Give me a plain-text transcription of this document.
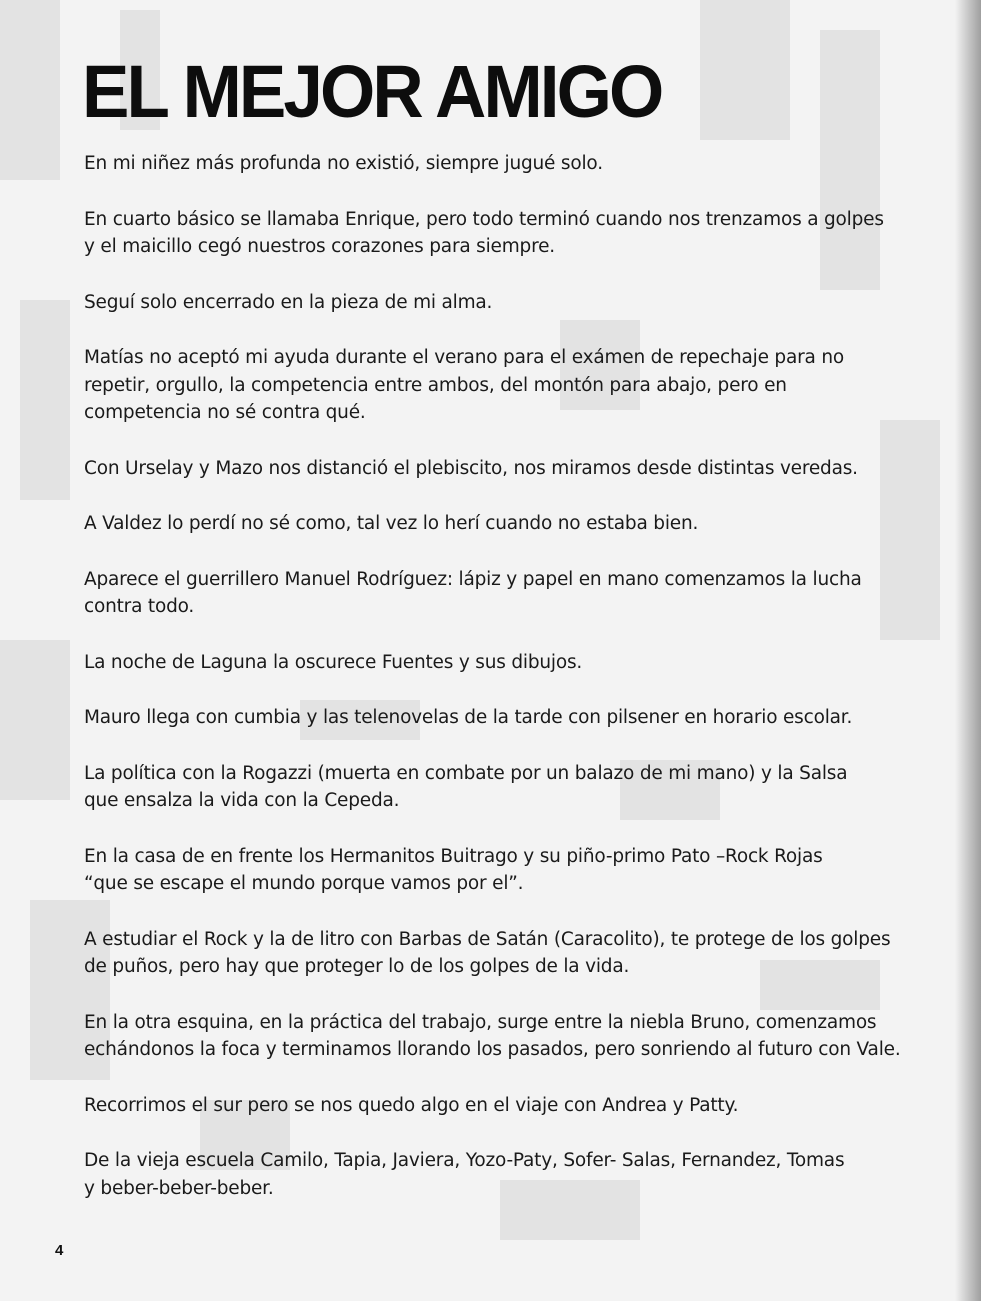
EL MEJOR AMIGO

En mi niñez más profunda no existió, siempre jugué solo.

En cuarto básico se llamaba Enrique, pero todo terminó cuando nos trenzamos a golpes
y el maicillo cegó nuestros corazones para siempre.

Seguí solo encerrado en la pieza de mi alma.

Matías no aceptó mi ayuda durante el verano para el exámen de repechaje para no
repetir, orgullo, la competencia entre ambos, del montón para abajo, pero en
competencia no sé contra qué.

Con Urselay y Mazo nos distanció el plebiscito, nos miramos desde distintas veredas.

A Valdez lo perdí no sé como, tal vez lo herí cuando no estaba bien.

Aparece el guerrillero Manuel Rodríguez: lápiz y papel en mano comenzamos la lucha
contra todo.

La noche de Laguna la oscurece Fuentes y sus dibujos.

Mauro llega con cumbia y las telenovelas de la tarde con pilsener en horario escolar.

La política con la Rogazzi (muerta en combate por un balazo de mi mano) y la Salsa
que ensalza la vida con la Cepeda.

En la casa de en frente los Hermanitos Buitrago y su piño-primo Pato –Rock Rojas
“que se escape el mundo porque vamos por el”.

A estudiar el Rock y la de litro con Barbas de Satán (Caracolito), te protege de los golpes
de puños, pero hay que proteger lo de los golpes de la vida.

En la otra esquina, en la práctica del trabajo, surge entre la niebla Bruno, comenzamos
echándonos la foca y terminamos llorando los pasados, pero sonriendo al futuro con Vale.

Recorrimos el sur pero se nos quedo algo en el viaje con Andrea y Patty.

De la vieja escuela Camilo, Tapia, Javiera, Yozo-Paty, Sofer- Salas, Fernandez, Tomas
y beber-beber-beber.

4
